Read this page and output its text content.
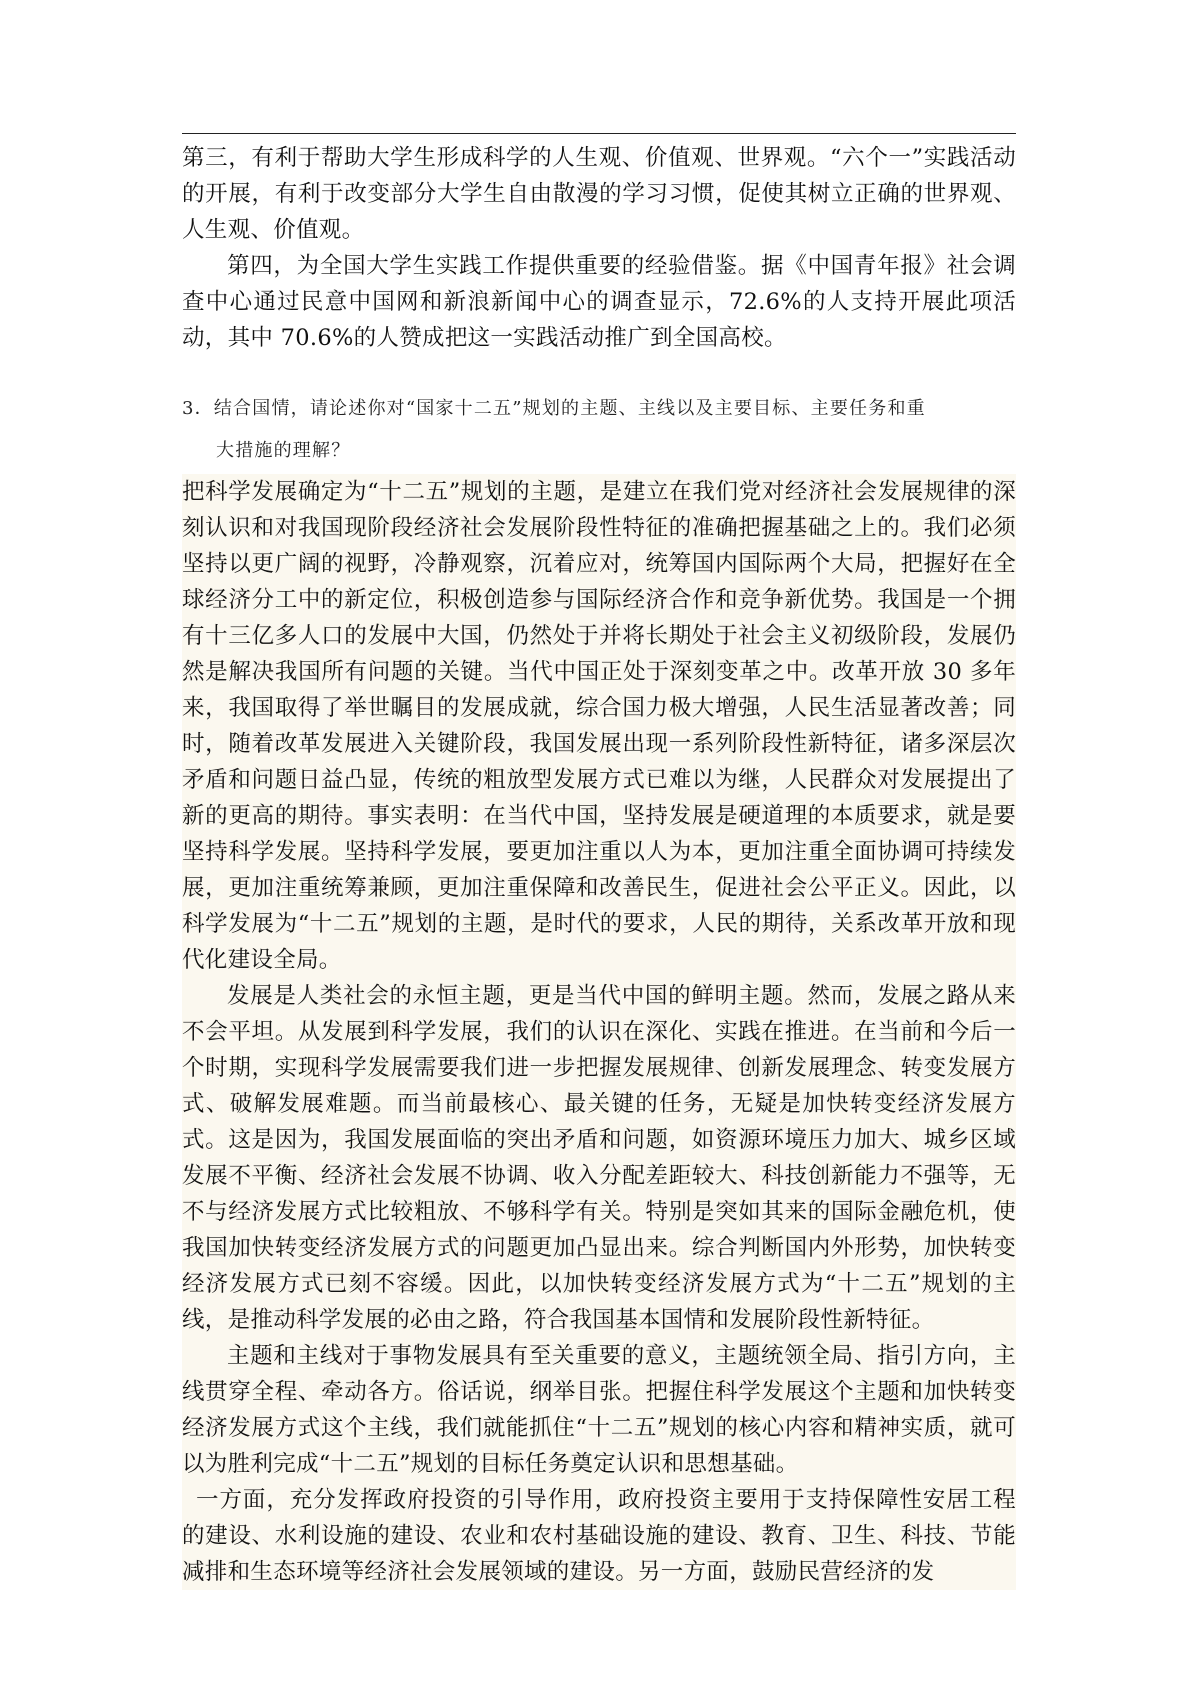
第三，有利于帮助大学生形成科学的人生观、价值观、世界观。“六个一”实践活动的开展，有利于改变部分大学生自由散漫的学习习惯，促使其树立正确的世界观、人生观、价值观。

第四，为全国大学生实践工作提供重要的经验借鉴。据《中国青年报》社会调查中心通过民意中国网和新浪新闻中心的调查显示，72.6%的人支持开展此项活动，其中 70.6%的人赞成把这一实践活动推广到全国高校。

3．结合国情，请论述你对“国家十二五”规划的主题、主线以及主要目标、主要任务和重

大措施的理解？

把科学发展确定为“十二五”规划的主题，是建立在我们党对经济社会发展规律的深刻认识和对我国现阶段经济社会发展阶段性特征的准确把握基础之上的。我们必须坚持以更广阔的视野，冷静观察，沉着应对，统筹国内国际两个大局，把握好在全球经济分工中的新定位，积极创造参与国际经济合作和竞争新优势。我国是一个拥有十三亿多人口的发展中大国，仍然处于并将长期处于社会主义初级阶段，发展仍然是解决我国所有问题的关键。当代中国正处于深刻变革之中。改革开放 30 多年来，我国取得了举世瞩目的发展成就，综合国力极大增强，人民生活显著改善；同时，随着改革发展进入关键阶段，我国发展出现一系列阶段性新特征，诸多深层次矛盾和问题日益凸显，传统的粗放型发展方式已难以为继，人民群众对发展提出了新的更高的期待。事实表明：在当代中国，坚持发展是硬道理的本质要求，就是要坚持科学发展。坚持科学发展，要更加注重以人为本，更加注重全面协调可持续发展，更加注重统筹兼顾，更加注重保障和改善民生，促进社会公平正义。因此，以科学发展为“十二五”规划的主题，是时代的要求，人民的期待，关系改革开放和现代化建设全局。

发展是人类社会的永恒主题，更是当代中国的鲜明主题。然而，发展之路从来不会平坦。从发展到科学发展，我们的认识在深化、实践在推进。在当前和今后一个时期，实现科学发展需要我们进一步把握发展规律、创新发展理念、转变发展方式、破解发展难题。而当前最核心、最关键的任务，无疑是加快转变经济发展方式。这是因为，我国发展面临的突出矛盾和问题，如资源环境压力加大、城乡区域发展不平衡、经济社会发展不协调、收入分配差距较大、科技创新能力不强等，无不与经济发展方式比较粗放、不够科学有关。特别是突如其来的国际金融危机，使我国加快转变经济发展方式的问题更加凸显出来。综合判断国内外形势，加快转变经济发展方式已刻不容缓。因此，以加快转变经济发展方式为“十二五”规划的主线，是推动科学发展的必由之路，符合我国基本国情和发展阶段性新特征。

主题和主线对于事物发展具有至关重要的意义，主题统领全局、指引方向，主线贯穿全程、牵动各方。俗话说，纲举目张。把握住科学发展这个主题和加快转变经济发展方式这个主线，我们就能抓住“十二五”规划的核心内容和精神实质，就可以为胜利完成“十二五”规划的目标任务奠定认识和思想基础。

一方面，充分发挥政府投资的引导作用，政府投资主要用于支持保障性安居工程的建设、水利设施的建设、农业和农村基础设施的建设、教育、卫生、科技、节能减排和生态环境等经济社会发展领域的建设。另一方面，鼓励民营经济的发
